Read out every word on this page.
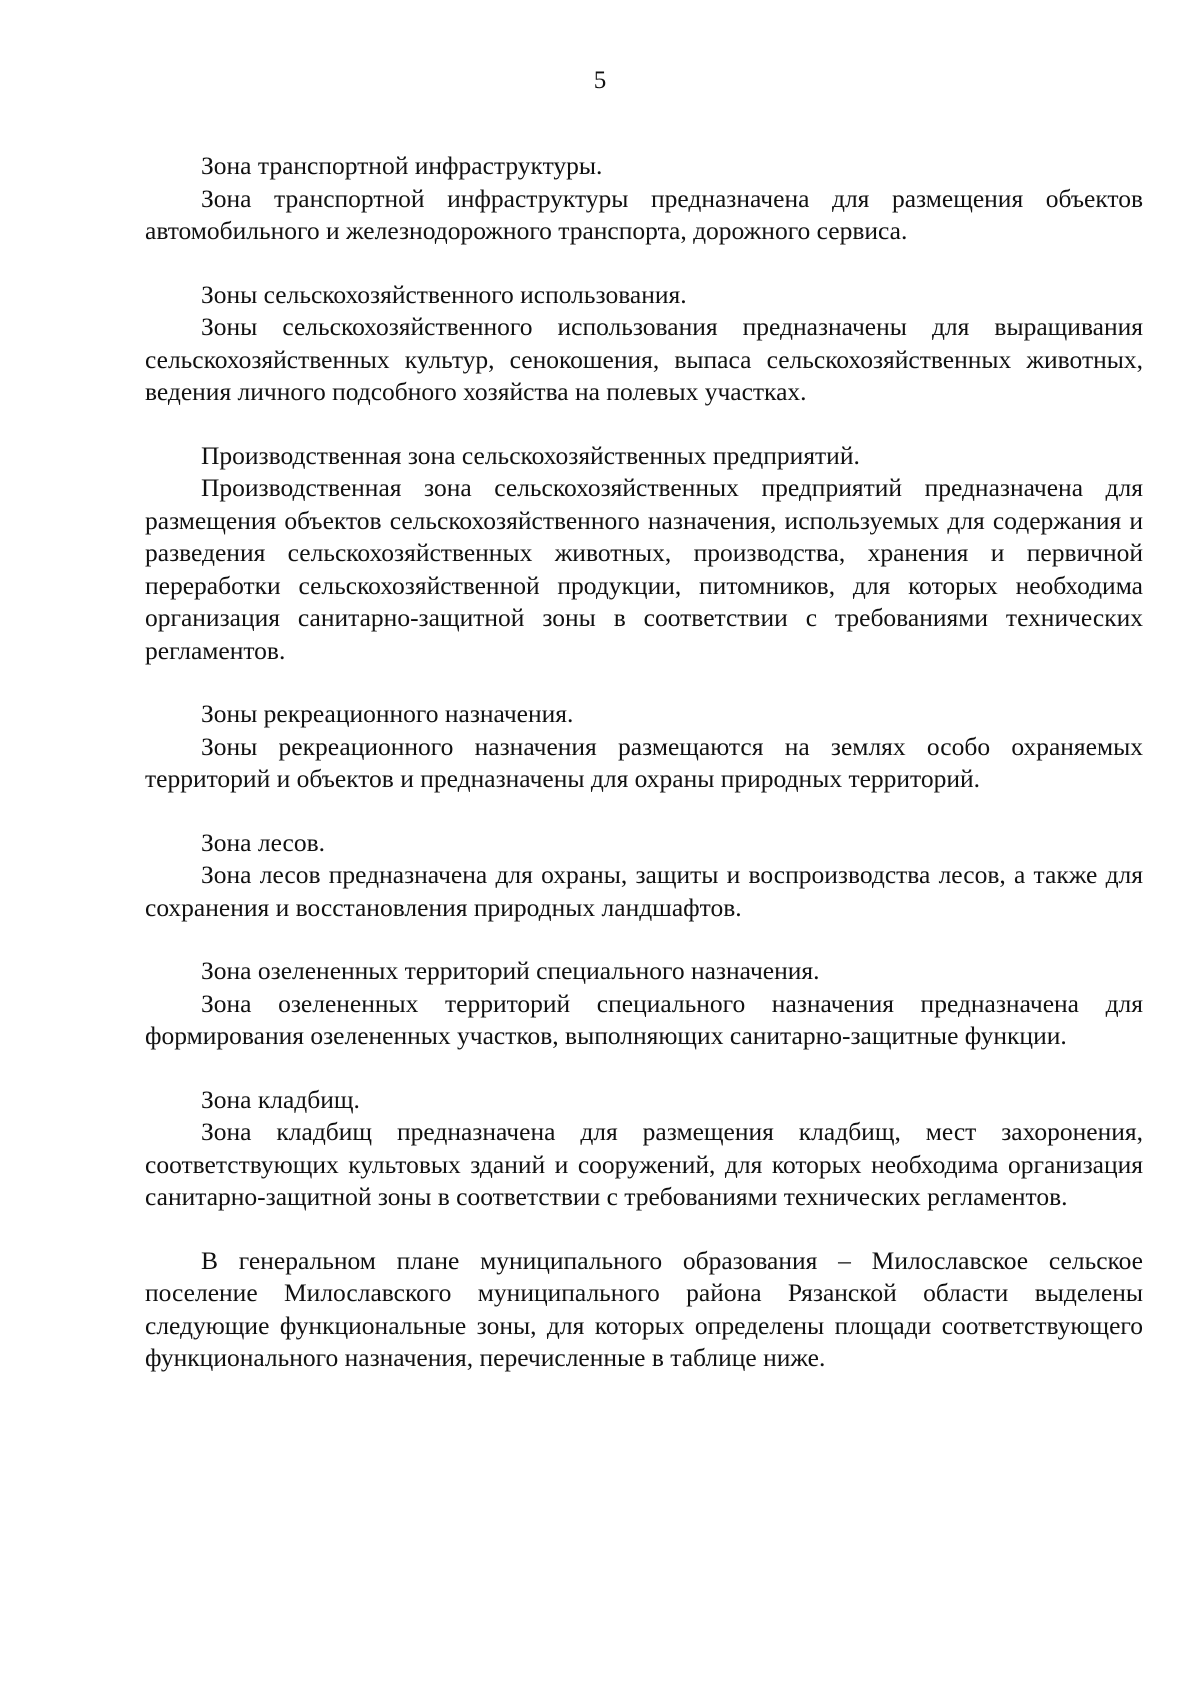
5

Зона транспортной инфраструктуры.

Зона транспортной инфраструктуры предназначена для размещения объектов автомобильного и железнодорожного транспорта, дорожного сервиса.

Зоны сельскохозяйственного использования.

Зоны сельскохозяйственного использования предназначены для выращивания сельскохозяйственных культур, сенокошения, выпаса сельскохозяйственных животных, ведения личного подсобного хозяйства на полевых участках.

Производственная зона сельскохозяйственных предприятий.

Производственная зона сельскохозяйственных предприятий предназначена для размещения объектов сельскохозяйственного назначения, используемых для содержания и разведения сельскохозяйственных животных, производства, хранения и первичной переработки сельскохозяйственной продукции, питомников, для которых необходима организация санитарно-защитной зоны в соответствии с требованиями технических регламентов.

Зоны рекреационного назначения.

Зоны рекреационного назначения размещаются на землях особо охраняемых территорий и объектов и предназначены для охраны природных территорий.

Зона лесов.

Зона лесов предназначена для охраны, защиты и воспроизводства лесов, а также для сохранения и восстановления природных ландшафтов.

Зона озелененных территорий специального назначения.

Зона озелененных территорий специального назначения предназначена для формирования озелененных участков, выполняющих санитарно-защитные функции.

Зона кладбищ.

Зона кладбищ предназначена для размещения кладбищ, мест захоронения, соответствующих культовых зданий и сооружений, для которых необходима организация санитарно-защитной зоны в соответствии с требованиями технических регламентов.

В генеральном плане муниципального образования – Милославское сельское поселение Милославского муниципального района Рязанской области выделены следующие функциональные зоны, для которых определены площади соответствующего функционального назначения, перечисленные в таблице ниже.
